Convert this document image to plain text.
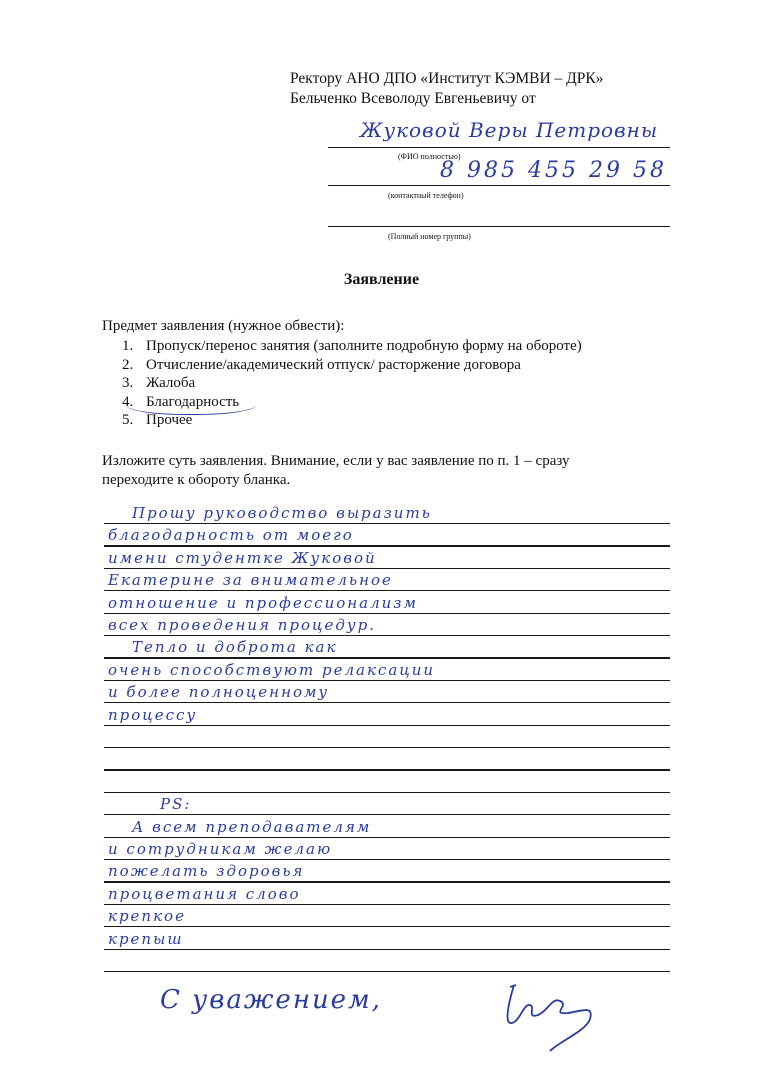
Ректору АНО ДПО «Институт КЭМВИ – ДРК»
Бельченко Всеволоду Евгеньевичу от
Жуковой Веры Петровны
(ФИО полностью)
8 985 455 29 58
(контактный телефон)
(Полный номер группы)
Заявление
Предмет заявления (нужное обвести):
1. Пропуск/перенос занятия (заполните подробную форму на обороте)
2. Отчисление/академический отпуск/ расторжение договора
3. Жалоба
4. Благодарность
5. Прочее
Изложите суть заявления. Внимание, если у вас заявление по п. 1 – сразу
переходите к обороту бланка.
Прошу руководство выразить
благодарность от моего
имени студентке Жуковой
Екатерине за внимательное
отношение и профессионализм
всех проведения процедур.
Тепло и доброта как
очень способствуют релаксации
и более полноценному
процессу
PS:
А всем преподавателям
и сотрудникам желаю
пожелать здоровья
процветания слово
крепкое
крепыш
С уважением,
